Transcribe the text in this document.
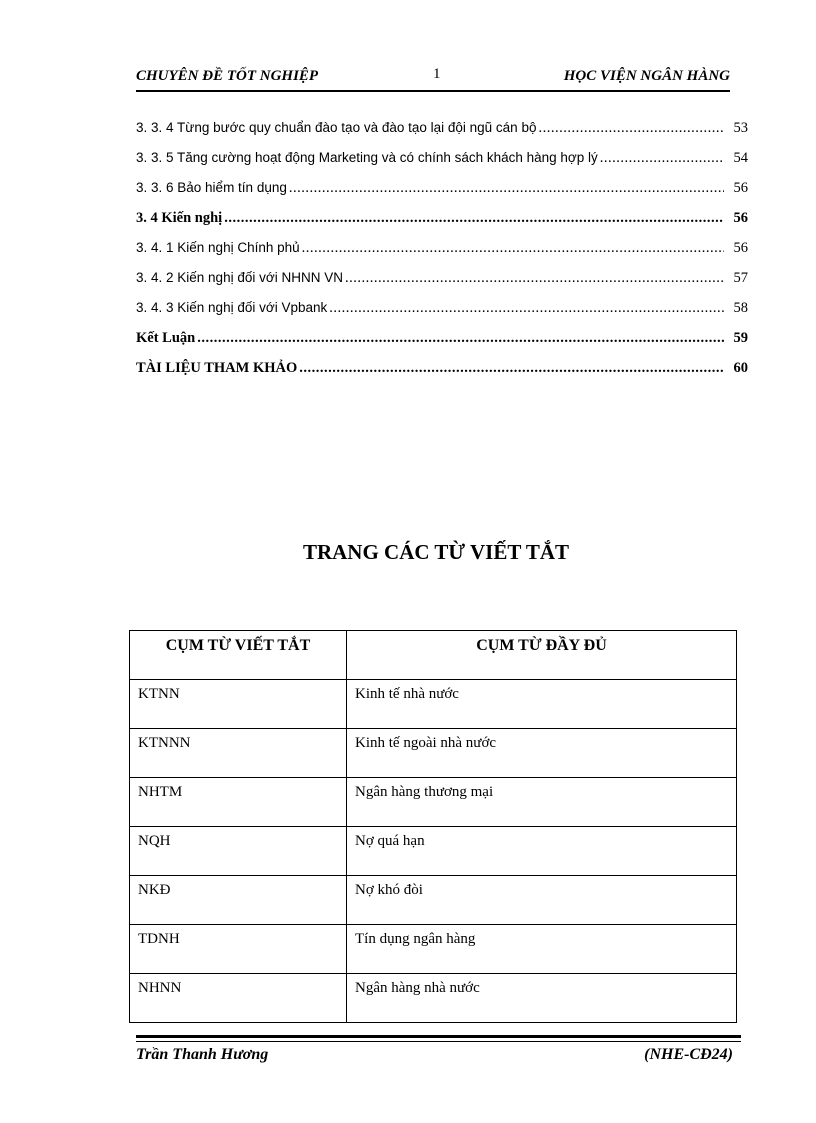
CHUYÊN ĐỀ TỐT NGHIỆP	1	HỌC VIỆN NGÂN HÀNG
3. 3. 4 Từng bước quy chuẩn đào tạo và đào tạo lại đội ngũ cán bộ .....	53
3. 3. 5 Tăng cường hoạt động Marketing và có chính sách khách hàng hợp lý .....	54
3. 3. 6 Bảo hiểm tín dụng .....	56
3. 4 Kiến nghị .....	56
3. 4. 1 Kiến nghị Chính phủ .....	56
3. 4. 2 Kiến nghị đối với NHNN VN .....	57
3. 4. 3 Kiến nghị đối với Vpbank .....	58
Kết Luận .....	59
TÀI LIỆU THAM KHẢO .....	60
TRANG CÁC TỪ VIẾT TẮT
CỤM TỪ VIẾT TẮT	CỤM TỪ ĐẦY ĐỦ
KTNN	Kinh tế nhà nước
KTNNN	Kinh tế ngoài nhà nước
NHTM	Ngân hàng thương mại
NQH	Nợ quá hạn
NKĐ	Nợ khó đòi
TDNH	Tín dụng ngân hàng
NHNN	Ngân hàng nhà nước
Trần Thanh Hương	(NHE-CĐ24)
